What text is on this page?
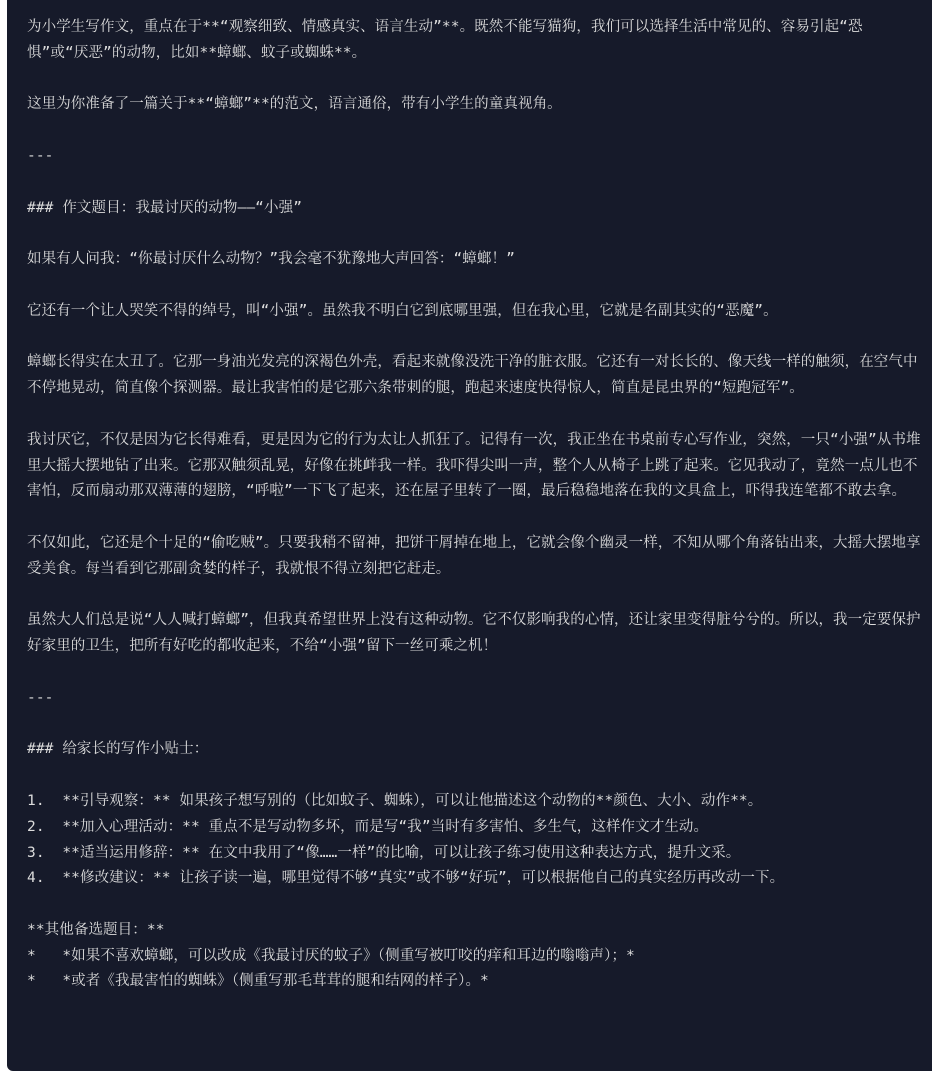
为小学生写作文，重点在于**“观察细致、情感真实、语言生动”**。既然不能写猫狗，我们可以选择生活中常见的、容易引起“恐惧”或“厌恶”的动物，比如**蟑螂、蚊子或蜘蛛**。
这里为你准备了一篇关于**“蟑螂”**的范文，语言通俗，带有小学生的童真视角。
---
### 作文题目：我最讨厌的动物——“小强”
如果有人问我：“你最讨厌什么动物？”我会毫不犹豫地大声回答：“蟑螂！”
它还有一个让人哭笑不得的绰号，叫“小强”。虽然我不明白它到底哪里强，但在我心里，它就是名副其实的“恶魔”。
蟑螂长得实在太丑了。它那一身油光发亮的深褐色外壳，看起来就像没洗干净的脏衣服。它还有一对长长的、像天线一样的触须，在空气中不停地晃动，简直像个探测器。最让我害怕的是它那六条带刺的腿，跑起来速度快得惊人，简直是昆虫界的“短跑冠军”。
我讨厌它，不仅是因为它长得难看，更是因为它的行为太让人抓狂了。记得有一次，我正坐在书桌前专心写作业，突然，一只“小强”从书堆里大摇大摆地钻了出来。它那双触须乱晃，好像在挑衅我一样。我吓得尖叫一声，整个人从椅子上跳了起来。它见我动了，竟然一点儿也不害怕，反而扇动那双薄薄的翅膀，“呼啦”一下飞了起来，还在屋子里转了一圈，最后稳稳地落在我的文具盒上，吓得我连笔都不敢去拿。
不仅如此，它还是个十足的“偷吃贼”。只要我稍不留神，把饼干屑掉在地上，它就会像个幽灵一样，不知从哪个角落钻出来，大摇大摆地享受美食。每当看到它那副贪婪的样子，我就恨不得立刻把它赶走。
虽然大人们总是说“人人喊打蟑螂”，但我真希望世界上没有这种动物。它不仅影响我的心情，还让家里变得脏兮兮的。所以，我一定要保护好家里的卫生，把所有好吃的都收起来，不给“小强”留下一丝可乘之机！
---
### 给家长的写作小贴士：
1.  **引导观察：** 如果孩子想写别的（比如蚊子、蜘蛛），可以让他描述这个动物的**颜色、大小、动作**。
2.  **加入心理活动：** 重点不是写动物多坏，而是写“我”当时有多害怕、多生气，这样作文才生动。
3.  **适当运用修辞：** 在文中我用了“像……一样”的比喻，可以让孩子练习使用这种表达方式，提升文采。
4.  **修改建议：** 让孩子读一遍，哪里觉得不够“真实”或不够“好玩”，可以根据他自己的真实经历再改动一下。
**其他备选题目：**
*   *如果不喜欢蟑螂，可以改成《我最讨厌的蚊子》（侧重写被叮咬的痒和耳边的嗡嗡声）；*
*   *或者《我最害怕的蜘蛛》（侧重写那毛茸茸的腿和结网的样子）。*
